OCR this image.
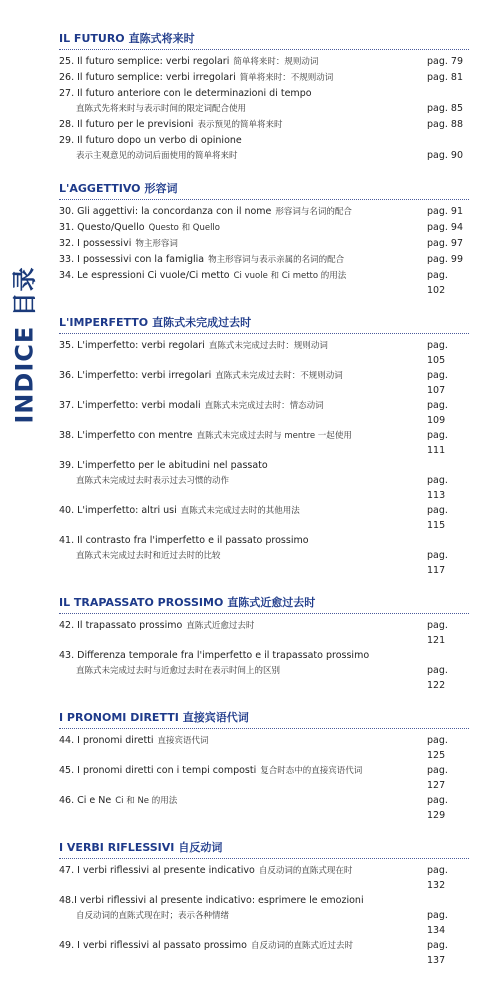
INDICE 目录
IL FUTURO 直陈式将来时
25. Il futuro semplice: verbi regolari 简单将来时：规则动词	pag. 79
26. Il futuro semplice: verbi irregolari 简单将来时：不规则动词	pag. 81
27. Il futuro anteriore con le determinazioni di tempo
直陈式先将来时与表示时间的限定词配合使用	pag. 85
28. Il futuro per le previsioni 表示预见的简单将来时	pag. 88
29. Il futuro dopo un verbo di opinione
表示主观意见的动词后面使用的简单将来时	pag. 90
L'AGGETTIVO 形容词
30. Gli aggettivi: la concordanza con il nome 形容词与名词的配合	pag. 91
31. Questo/Quello Questo 和 Quello	pag. 94
32. I possessivi 物主形容词	pag. 97
33. I possessivi con la famiglia 物主形容词与表示亲属的名词的配合	pag. 99
34. Le espressioni Ci vuole/Ci metto Ci vuole 和 Ci metto 的用法	pag. 102
L'IMPERFETTO 直陈式未完成过去时
35. L'imperfetto: verbi regolari 直陈式未完成过去时：规则动词	pag. 105
36. L'imperfetto: verbi irregolari 直陈式未完成过去时：不规则动词	pag. 107
37. L'imperfetto: verbi modali 直陈式未完成过去时：情态动词	pag. 109
38. L'imperfetto con mentre 直陈式未完成过去时与 mentre 一起使用	pag. 111
39. L'imperfetto per le abitudini nel passato
直陈式未完成过去时表示过去习惯的动作	pag. 113
40. L'imperfetto: altri usi 直陈式未完成过去时的其他用法	pag. 115
41. Il contrasto fra l'imperfetto e il passato prossimo
直陈式未完成过去时和近过去时的比较	pag. 117
IL TRAPASSATO PROSSIMO 直陈式近愈过去时
42. Il trapassato prossimo 直陈式近愈过去时	pag. 121
43. Differenza temporale fra l'imperfetto e il trapassato prossimo
直陈式未完成过去时与近愈过去时在表示时间上的区别	pag. 122
I PRONOMI DIRETTI 直接宾语代词
44. I pronomi diretti 直接宾语代词	pag. 125
45. I pronomi diretti con i tempi composti 复合时态中的直接宾语代词	pag. 127
46. Ci e Ne Ci 和 Ne 的用法	pag. 129
I VERBI RIFLESSIVI 自反动词
47. I verbi riflessivi al presente indicativo 自反动词的直陈式现在时	pag. 132
48.I verbi riflessivi al presente indicativo: esprimere le emozioni
自反动词的直陈式现在时；表示各种情绪	pag. 134
49. I verbi riflessivi al passato prossimo 自反动词的直陈式近过去时	pag. 137
